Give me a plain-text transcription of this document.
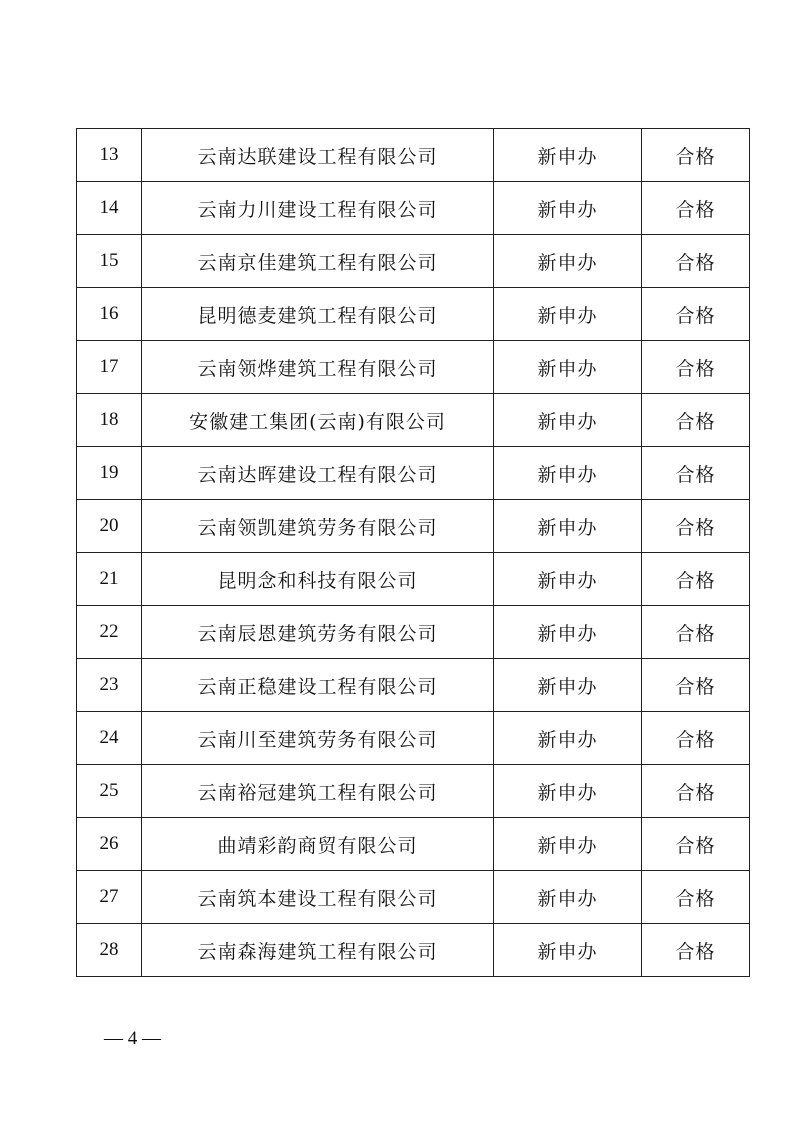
13	云南达联建设工程有限公司	新申办	合格
14	云南力川建设工程有限公司	新申办	合格
15	云南京佳建筑工程有限公司	新申办	合格
16	昆明德麦建筑工程有限公司	新申办	合格
17	云南领烨建筑工程有限公司	新申办	合格
18	安徽建工集团(云南)有限公司	新申办	合格
19	云南达晖建设工程有限公司	新申办	合格
20	云南领凯建筑劳务有限公司	新申办	合格
21	昆明念和科技有限公司	新申办	合格
22	云南辰恩建筑劳务有限公司	新申办	合格
23	云南正稳建设工程有限公司	新申办	合格
24	云南川至建筑劳务有限公司	新申办	合格
25	云南裕冠建筑工程有限公司	新申办	合格
26	曲靖彩韵商贸有限公司	新申办	合格
27	云南筑本建设工程有限公司	新申办	合格
28	云南森海建筑工程有限公司	新申办	合格
— 4 —
